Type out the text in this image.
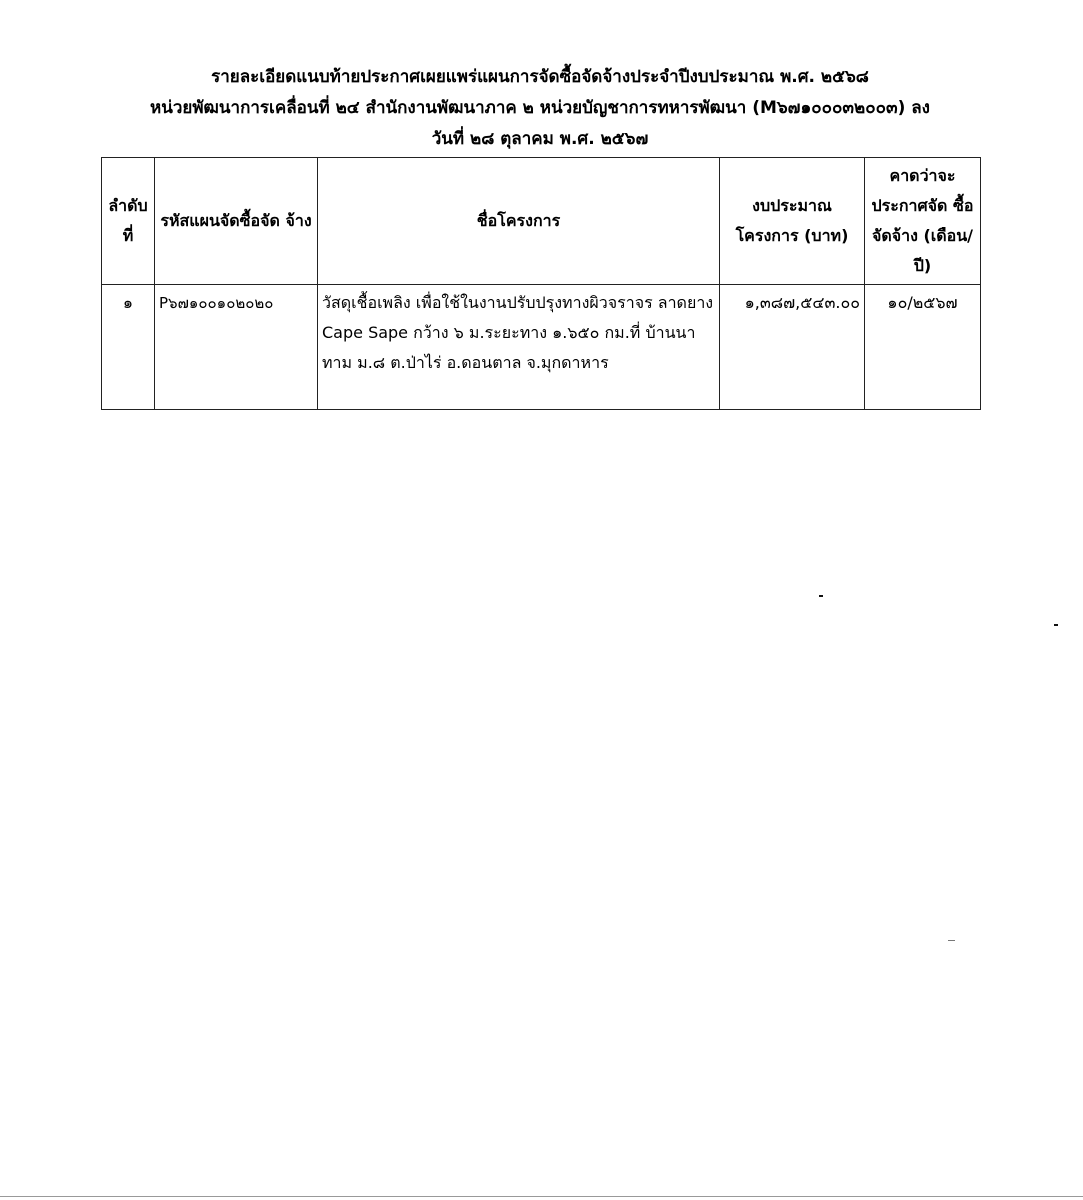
รายละเอียดแนบท้ายประกาศเผยแพร่แผนการจัดซื้อจัดจ้างประจำปีงบประมาณ พ.ศ. ๒๕๖๘
หน่วยพัฒนาการเคลื่อนที่ ๒๔ สำนักงานพัฒนาภาค ๒ หน่วยบัญชาการทหารพัฒนา (M๖๗๑๐๐๐๓๒๐๐๓) ลง
วันที่ ๒๘ ตุลาคม พ.ศ. ๒๕๖๗
ลำดับ ที่	รหัสแผนจัดซื้อจัด จ้าง	ชื่อโครงการ	งบประมาณ โครงการ (บาท)	คาดว่าจะ ประกาศจัด ซื้อจัดจ้าง (เดือน/ปี)
๑	P๖๗๑๐๐๑๐๒๐๒๐	วัสดุเชื้อเพลิง เพื่อใช้ในงานปรับปรุงทางผิวจราจร ลาดยาง Cape Sape กว้าง ๖ ม.ระยะทาง ๑.๖๕๐ กม.ที่ บ้านนาทาม ม.๘ ต.ป่าไร่ อ.ดอนตาล จ.มุกดาหาร	๑,๓๘๗,๕๔๓.๐๐	๑๐/๒๕๖๗
